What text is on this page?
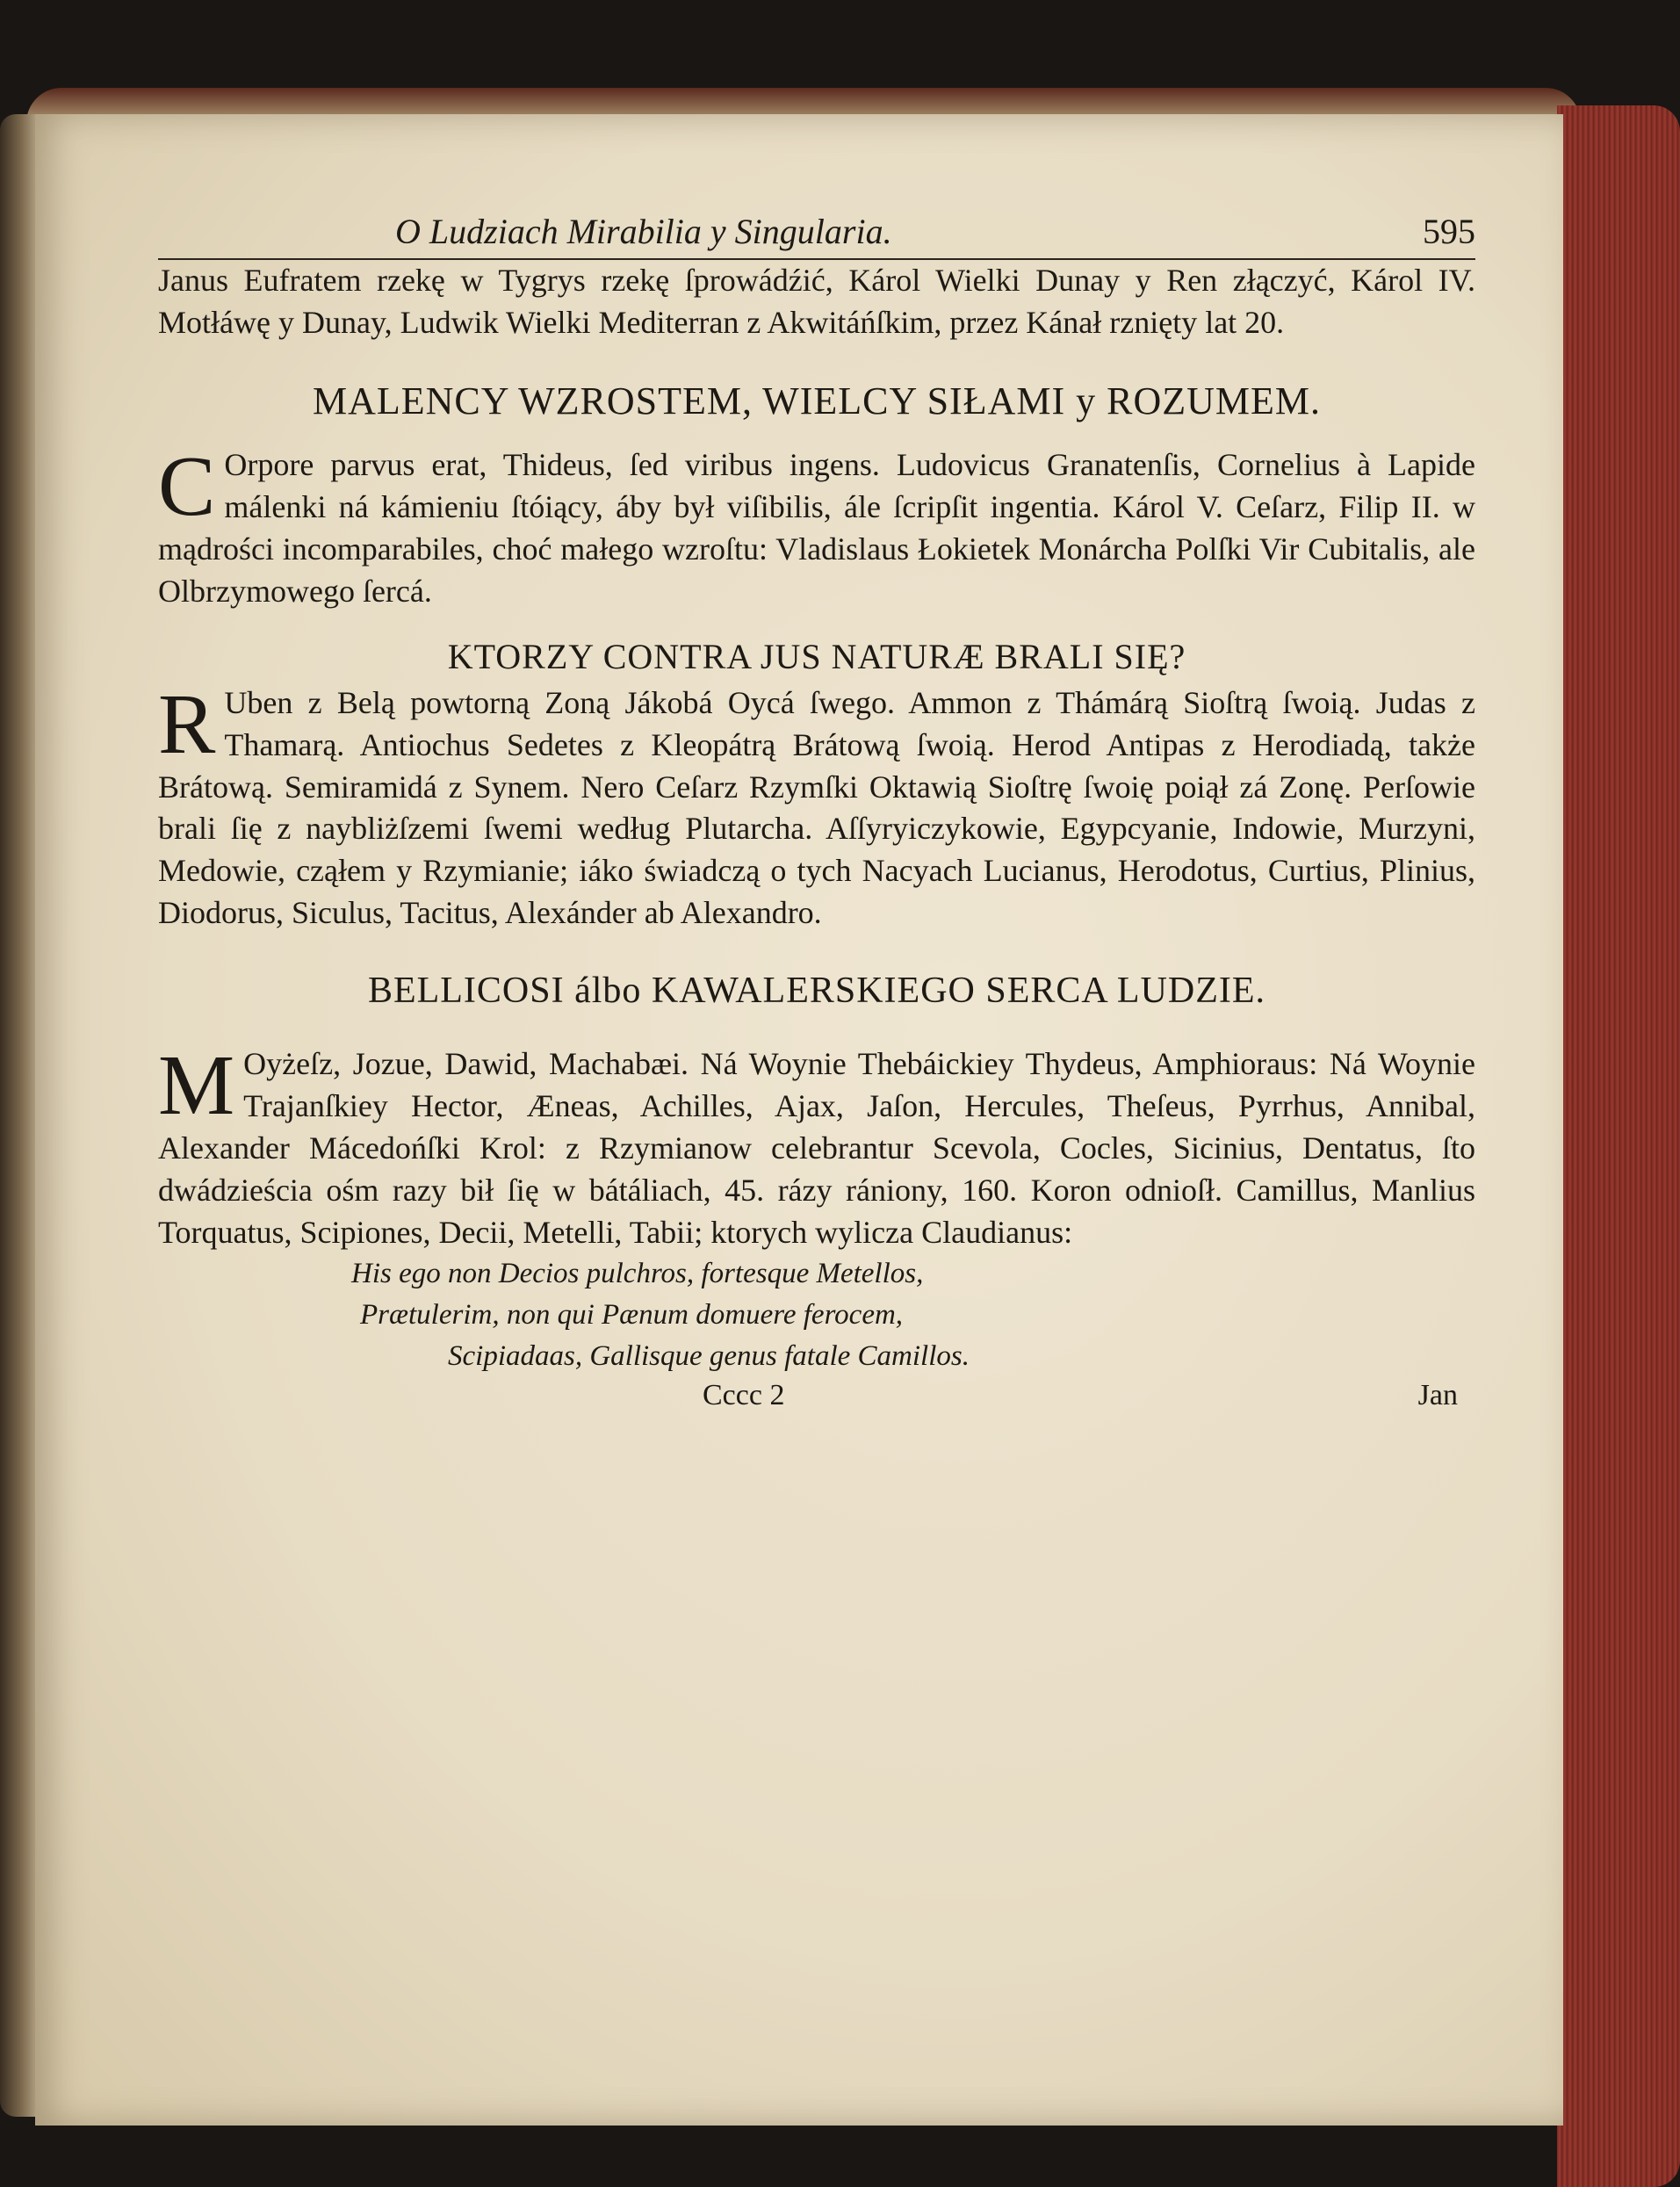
O Ludziach Mirabilia y Singularia.	595

Janus Eufratem rzekę w Tygrys rzekę ſprowádźić, Károl Wielki Dunay y Ren złączyć, Károl IV. Motłáwę y Dunay, Ludwik Wielki Mediterran z Akwitáńſkim, przez Kánał rznięty lat 20.

MALENCY WZROSTEM, WIELCY SIŁAMI y ROZUMEM.

C Orpore parvus erat, Thideus, ſed viribus ingens. Ludovicus Granatenſis, Cornelius à Lapide málenki ná kámieniu ſtóiący, áby był viſibilis, ále ſcripſit ingentia. Károl V. Ceſarz, Filip II. w mądrości incomparabiles, choć małego wzroſtu: Vladislaus Łokietek Monárcha Polſki Vir Cubitalis, ale Olbrzymowego ſercá.

KTORZY CONTRA JUS NATURÆ BRALI SIĘ?

R Uben z Belą powtorną Zoną Jákobá Oycá ſwego. Ammon z Thámárą Sioſtrą ſwoią. Judas z Thamarą. Antiochus Sedetes z Kleopátrą Brátową ſwoią. Herod Antipas z Herodiadą, także Brátową. Semiramidá z Synem. Nero Ceſarz Rzymſki Oktawią Sioſtrę ſwoię poiął zá Zonę. Perſowie brali ſię z naybliżſzemi ſwemi według Plutarcha. Aſſyryiczykowie, Egypcyanie, Indowie, Murzyni, Medowie, cząłem y Rzymianie; iáko świadczą o tych Nacyach Lucianus, Herodotus, Curtius, Plinius, Diodorus, Siculus, Tacitus, Alexánder ab Alexandro.

BELLICOSI álbo KAWALERSKIEGO SERCA LUDZIE.

M Oyżeſz, Jozue, Dawid, Machabæi. Ná Woynie Thebáickiey Thydeus, Amphioraus: Ná Woynie Trajanſkiey Hector, Æneas, Achilles, Ajax, Jaſon, Hercules, Theſeus, Pyrrhus, Annibal, Alexander Mácedońſki Krol: z Rzymianow celebrantur Scevola, Cocles, Sicinius, Dentatus, ſto dwádzieścia ośm razy bił ſię w bátáliach, 45. rázy rániony, 160. Koron odnioſł. Camillus, Manlius Torquatus, Scipiones, Decii, Metelli, Tabii; ktorych wylicza Claudianus:

His ego non Decios pulchros, fortesque Metellos,
Prætulerim, non qui Pænum domuere ferocem,
Scipiadaas, Gallisque genus fatale Camillos.
Cccc 2	Jan
